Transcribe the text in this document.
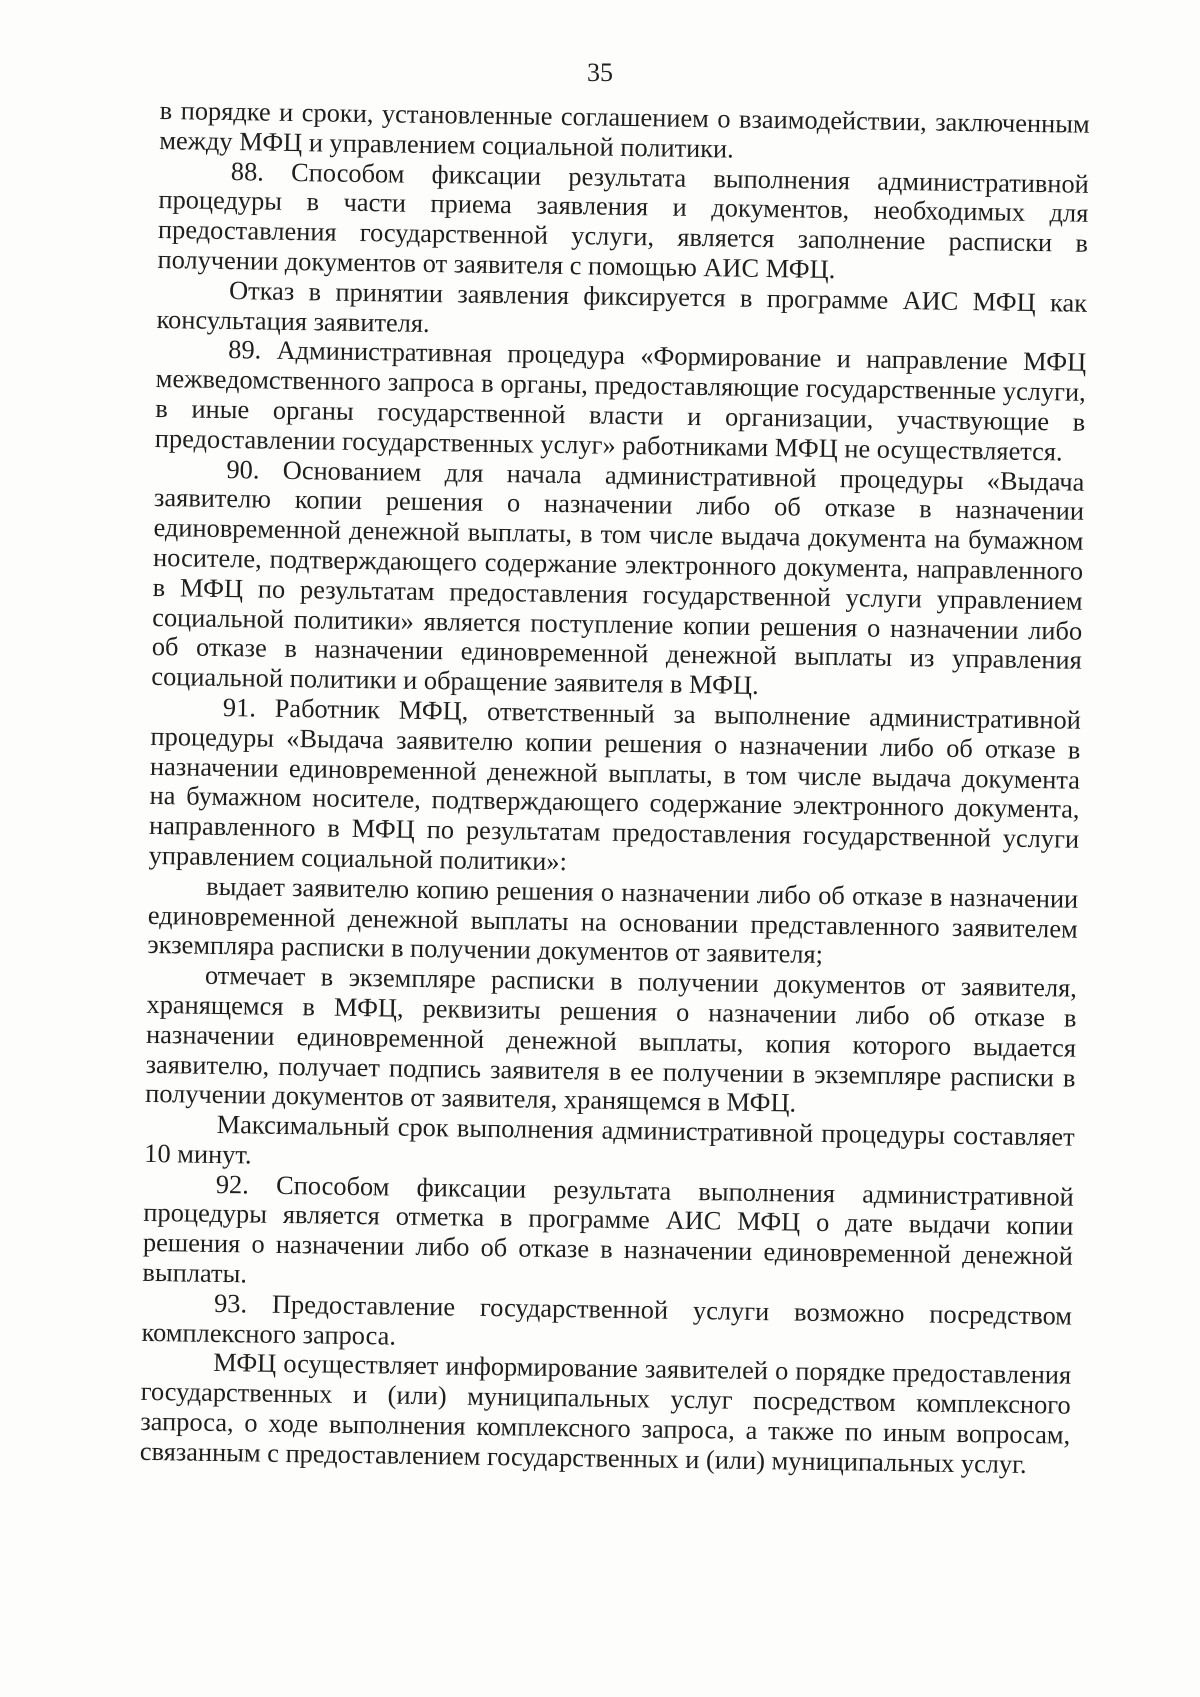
35

в порядке и сроки, установленные соглашением о взаимодействии, заключенным между МФЦ и управлением социальной политики.

88. Способом фиксации результата выполнения административной процедуры в части приема заявления и документов, необходимых для предоставления государственной услуги, является заполнение расписки в получении документов от заявителя с помощью АИС МФЦ.

Отказ в принятии заявления фиксируется в программе АИС МФЦ как консультация заявителя.

89. Административная процедура «Формирование и направление МФЦ межведомственного запроса в органы, предоставляющие государственные услуги, в иные органы государственной власти и организации, участвующие в предоставлении государственных услуг» работниками МФЦ не осуществляется.

90. Основанием для начала административной процедуры «Выдача заявителю копии решения о назначении либо об отказе в назначении единовременной денежной выплаты, в том числе выдача документа на бумажном носителе, подтверждающего содержание электронного документа, направленного в МФЦ по результатам предоставления государственной услуги управлением социальной политики» является поступление копии решения о назначении либо об отказе в назначении единовременной денежной выплаты из управления социальной политики и обращение заявителя в МФЦ.

91. Работник МФЦ, ответственный за выполнение административной процедуры «Выдача заявителю копии решения о назначении либо об отказе в назначении единовременной денежной выплаты, в том числе выдача документа на бумажном носителе, подтверждающего содержание электронного документа, направленного в МФЦ по результатам предоставления государственной услуги управлением социальной политики»:

выдает заявителю копию решения о назначении либо об отказе в назначении единовременной денежной выплаты на основании представленного заявителем экземпляра расписки в получении документов от заявителя;

отмечает в экземпляре расписки в получении документов от заявителя, хранящемся в МФЦ, реквизиты решения о назначении либо об отказе в назначении единовременной денежной выплаты, копия которого выдается заявителю, получает подпись заявителя в ее получении в экземпляре расписки в получении документов от заявителя, хранящемся в МФЦ.

Максимальный срок выполнения административной процедуры составляет 10 минут.

92. Способом фиксации результата выполнения административной процедуры является отметка в программе АИС МФЦ о дате выдачи копии решения о назначении либо об отказе в назначении единовременной денежной выплаты.

93. Предоставление государственной услуги возможно посредством комплексного запроса.

МФЦ осуществляет информирование заявителей о порядке предоставления государственных и (или) муниципальных услуг посредством комплексного запроса, о ходе выполнения комплексного запроса, а также по иным вопросам, связанным с предоставлением государственных и (или) муниципальных услуг.
